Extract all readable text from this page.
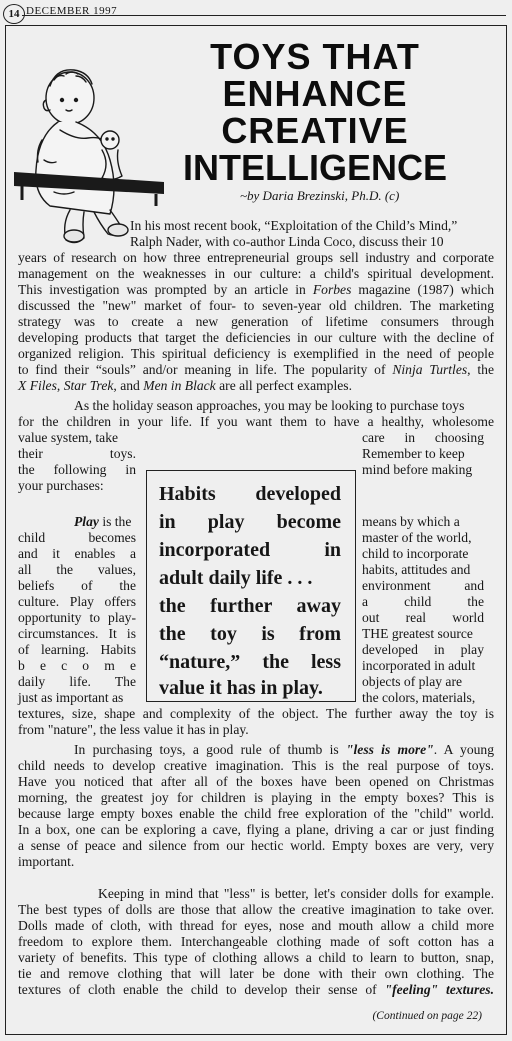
14 DECEMBER 1997
TOYS THAT
ENHANCE
CREATIVE
INTELLIGENCE
~by Daria Brezinski, Ph.D. (c)

In his most recent book, “Exploitation of the Child’s Mind,”

Ralph Nader, with co-author Linda Coco, discuss their 10

years of research on how three entrepreneurial groups sell industry and corporate

management on the weaknesses in our culture: a child's spiritual development.

This investigation was prompted by an article in Forbes magazine (1987) which

discussed the "new" market of four- to seven-year old children. The marketing

strategy was to create a new generation of lifetime consumers through

developing products that target the deficiencies in our culture with the decline of

organized religion. This spiritual deficiency is exemplified in the need of people

to find their “souls” and/or meaning in life. The popularity of Ninja Turtles, the

X Files, Star Trek, and Men in Black are all perfect examples.

As the holiday season approaches, you may be looking to purchase toys

for the children in your life. If you want them to have a healthy, wholesome

value system, take

their toys.

the following in

your purchases:

care in choosing

Remember to keep

mind before making

Habits developed
in play become
incorporated in
adult daily life . . .
the further away
the toy is from
“nature,” the less
value it has in play.

Play is the

child becomes

and it enables a

all the values,

beliefs of the

culture. Play offers

opportunity to play-

circumstances. It is

of learning. Habits

b e c o m e

daily life. The

just as important as

means by which a

master of the world,

child to incorporate

habits, attitudes and

environment and

a child the

out real world

THE greatest source

developed in play

incorporated in adult

objects of play are

the colors, materials,

textures, size, shape and complexity of the object. The further away the toy is

from "nature", the less value it has in play.

In purchasing toys, a good rule of thumb is "less is more". A young

child needs to develop creative imagination. This is the real purpose of toys.

Have you noticed that after all of the boxes have been opened on Christmas

morning, the greatest joy for children is playing in the empty boxes? This is

because large empty boxes enable the child free exploration of the "child" world.

In a box, one can be exploring a cave, flying a plane, driving a car or just finding

a sense of peace and silence from our hectic world. Empty boxes are very, very

important.

Keeping in mind that "less" is better, let's consider dolls for example.

The best types of dolls are those that allow the creative imagination to take over.

Dolls made of cloth, with thread for eyes, nose and mouth allow a child more

freedom to explore them. Interchangeable clothing made of soft cotton has a

variety of benefits. This type of clothing allows a child to learn to button, snap,

tie and remove clothing that will later be done with their own clothing. The

textures of cloth enable the child to develop their sense of "feeling" textures.

(Continued on page 22)
